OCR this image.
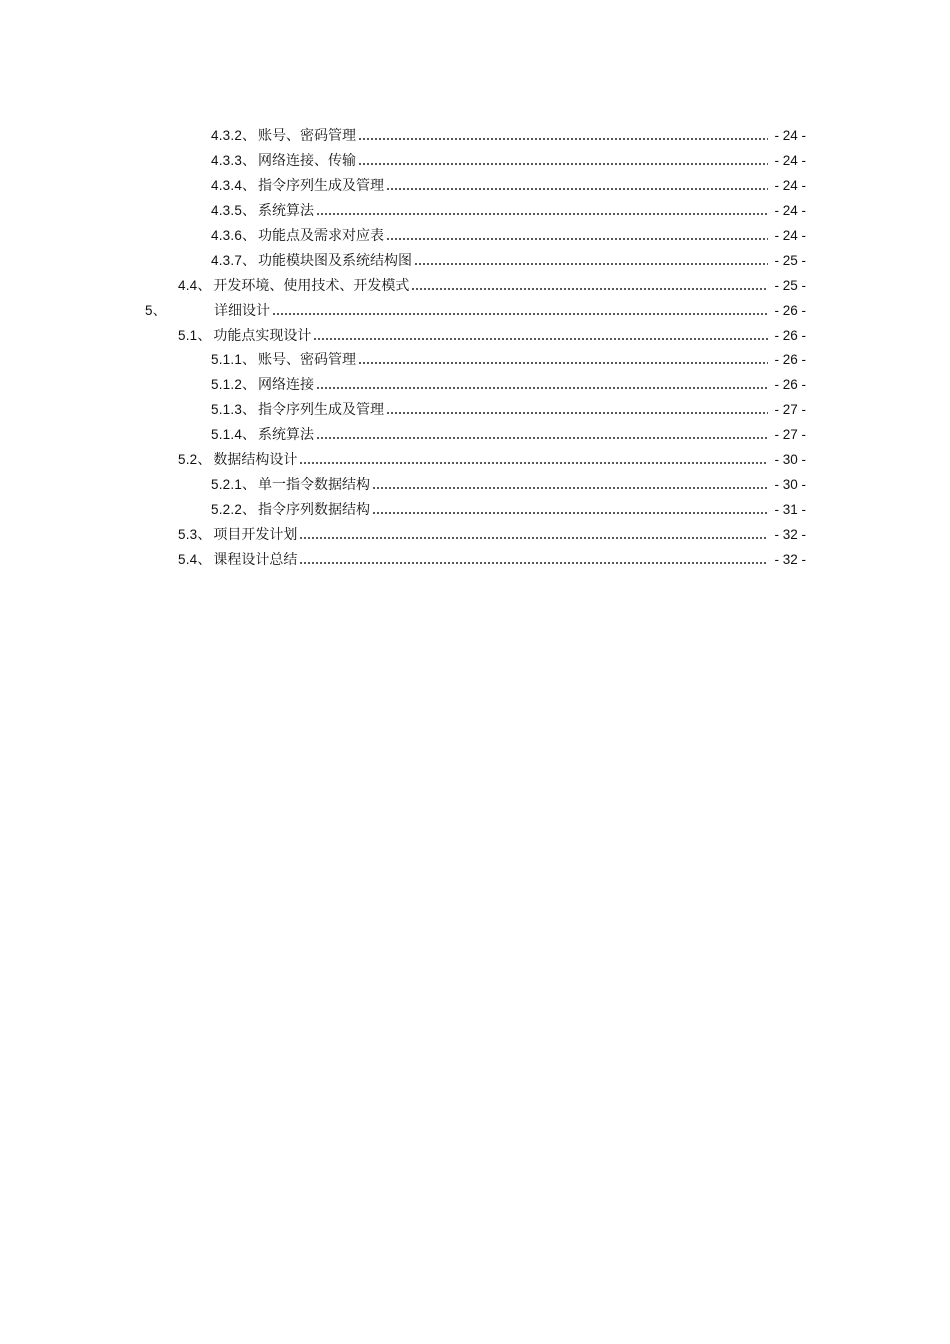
4.3.2 、 账号、密码管理	- 24 -
4.3.3 、 网络连接、传输	- 24 -
4.3.4 、 指令序列生成及管理	- 24 -
4.3.5 、 系统算法	- 24 -
4.3.6 、 功能点及需求对应表	- 24 -
4.3.7 、 功能模块图及系统结构图	- 25 -
4.4 、 开发环境、使用技术、开发模式	- 25 -
5、	详细设计	- 26 -
5.1 、 功能点实现设计	- 26 -
5.1.1 、 账号、密码管理	- 26 -
5.1.2 、 网络连接	- 26 -
5.1.3 、 指令序列生成及管理	- 27 -
5.1.4 、 系统算法	- 27 -
5.2 、 数据结构设计	- 30 -
5.2.1 、 单一指令数据结构	- 30 -
5.2.2 、 指令序列数据结构	- 31 -
5.3 、 项目开发计划	- 32 -
5.4 、 课程设计总结	- 32 -
